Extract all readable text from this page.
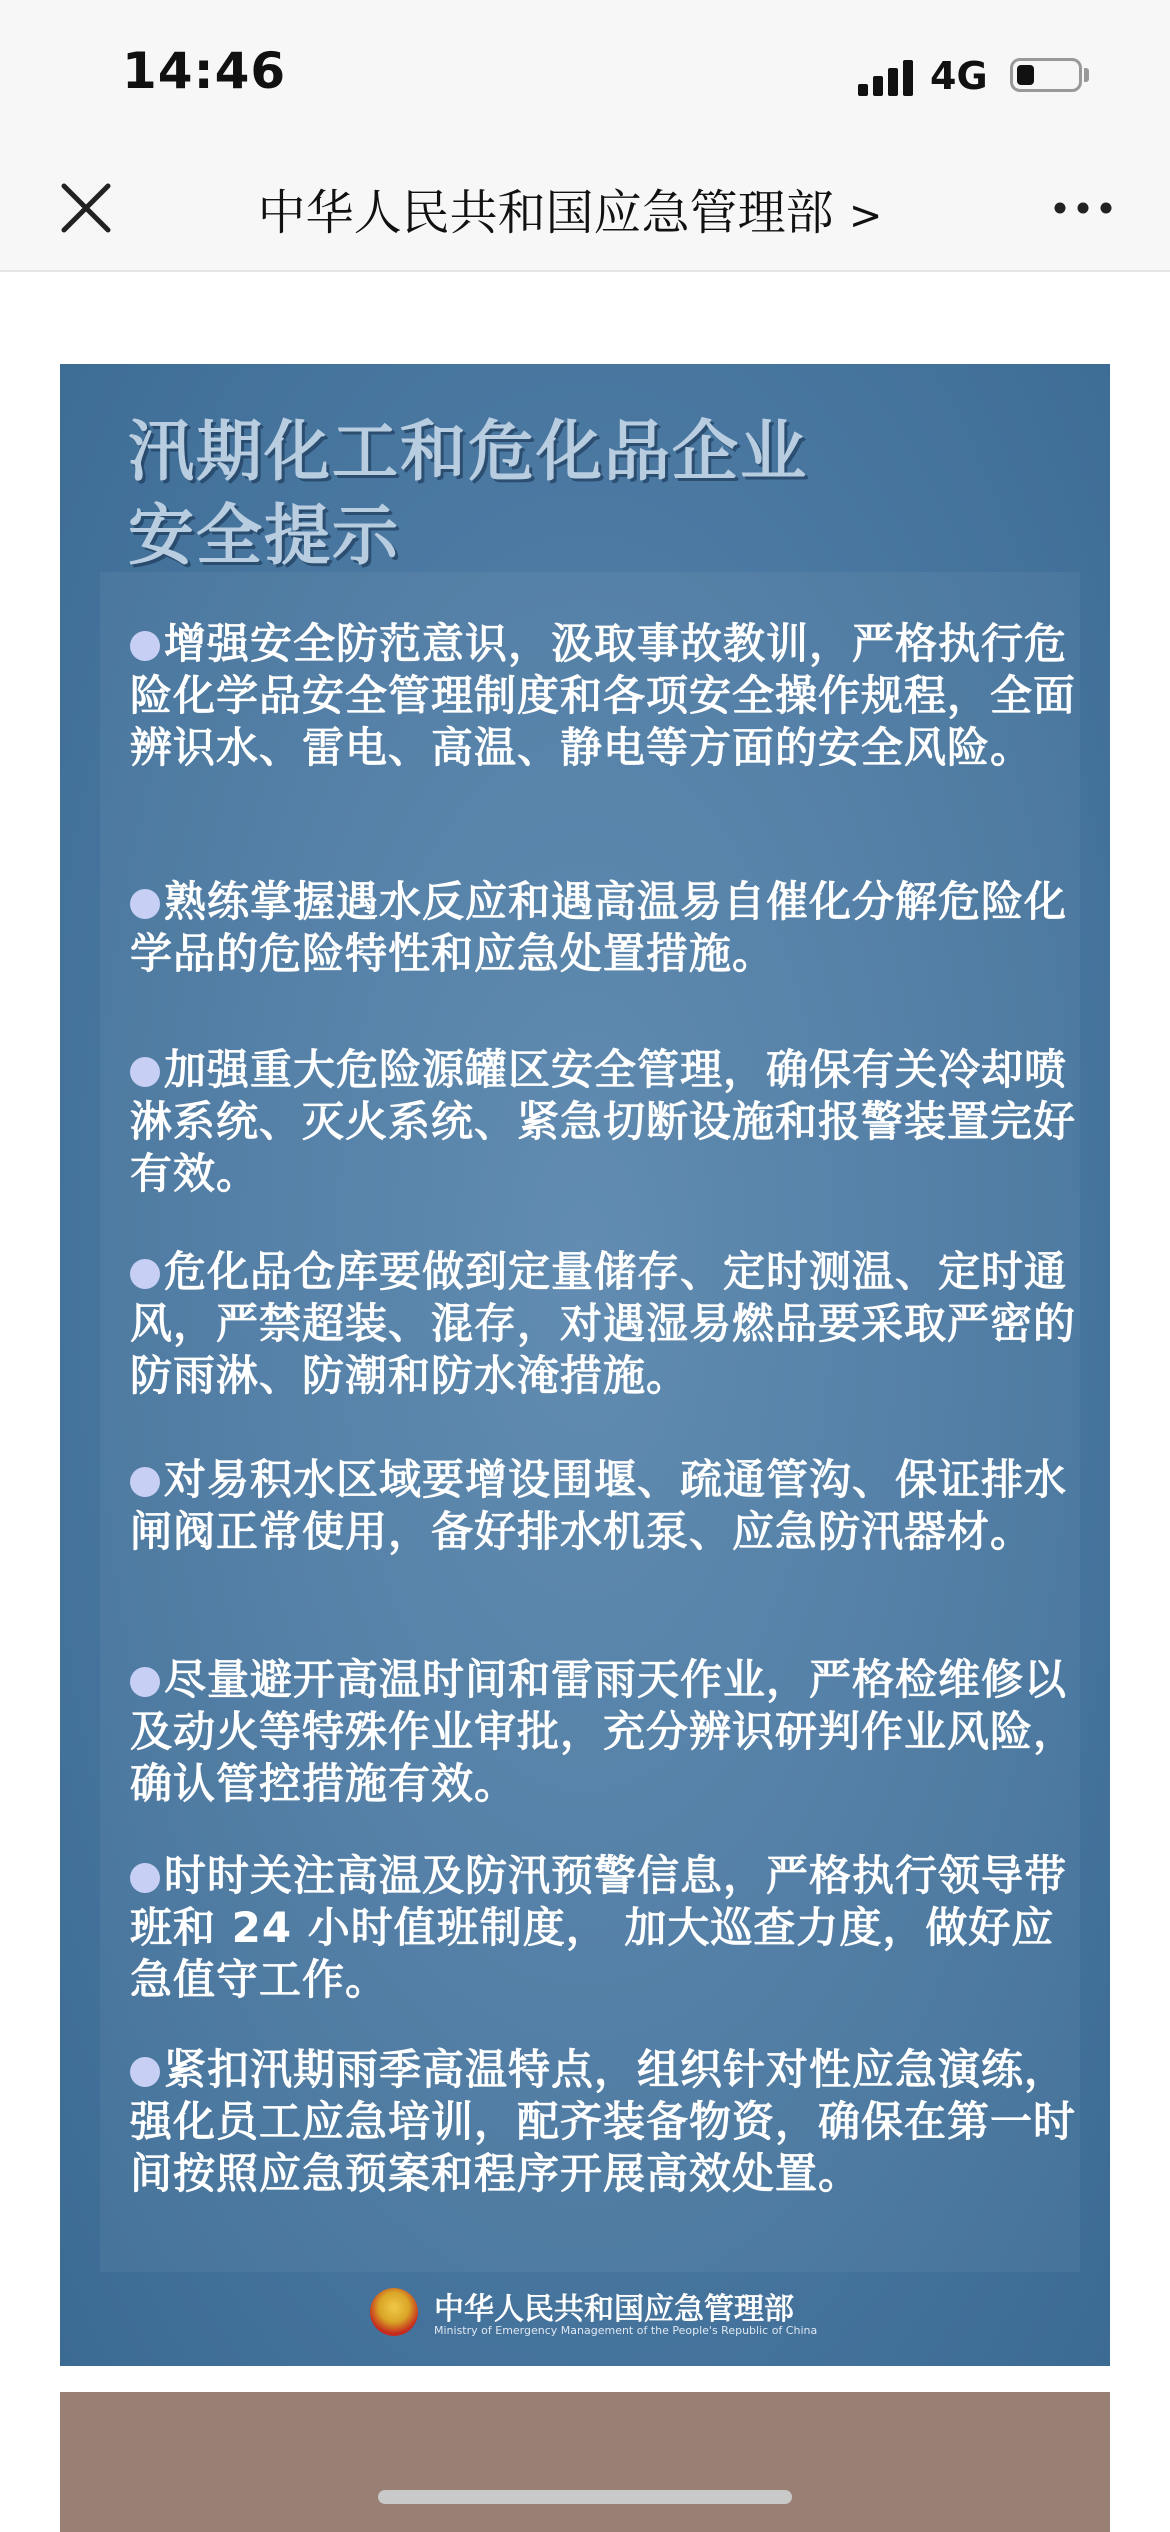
14:46	4G
中华人民共和国应急管理部 >
汛期化工和危化品企业
安全提示
增强安全防范意识，汲取事故教训，严格执行危险化学品安全管理制度和各项安全操作规程，全面辨识水、雷电、高温、静电等方面的安全风险。
熟练掌握遇水反应和遇高温易自催化分解危险化学品的危险特性和应急处置措施。
加强重大危险源罐区安全管理，确保有关冷却喷淋系统、灭火系统、紧急切断设施和报警装置完好有效。
危化品仓库要做到定量储存、定时测温、定时通风，严禁超装、混存，对遇湿易燃品要采取严密的防雨淋、防潮和防水淹措施。
对易积水区域要增设围堰、疏通管沟、保证排水闸阀正常使用，备好排水机泵、应急防汛器材。
尽量避开高温时间和雷雨天作业，严格检维修以及动火等特殊作业审批，充分辨识研判作业风险，确认管控措施有效。
时时关注高温及防汛预警信息，严格执行领导带班和 24 小时值班制度， 加大巡查力度，做好应急值守工作。
紧扣汛期雨季高温特点，组织针对性应急演练，强化员工应急培训，配齐装备物资，确保在第一时间按照应急预案和程序开展高效处置。
中华人民共和国应急管理部
Ministry of Emergency Management of the People's Republic of China
